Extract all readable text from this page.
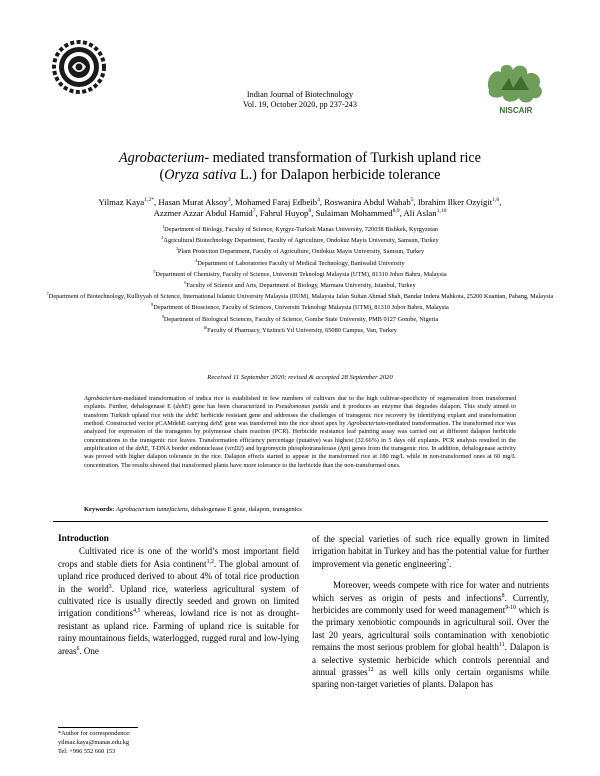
NISCAIR
Indian Journal of Biotechnology
Vol. 19, October 2020, pp 237-243
Agrobacterium- mediated transformation of Turkish upland rice
(Oryza sativa L.) for Dalapon herbicide tolerance
Yilmaz Kaya$^{1,2*}$, Hasan Murat Aksoy$^3$, Mohamed Faraj Edbeib$^4$, Roswanira Abdul Wahab$^5$, Ibrahim Ilker Ozyigit$^{1,6}$,
Azzmer Azzar Abdul Hamid$^7$, Fahrul Huyop$^8$, Sulaiman Mohammed$^{8,9}$, Ali Aslan$^{1,10}$
$^1$Department of Biology, Faculty of Science, Kyrgyz-Turkish Manas University, 720038 Bishkek, Kyrgyzstan
$^2$Agricultural Biotechnology Department, Faculty of Agriculture, Ondokuz Mayis University, Samsun, Turkey
$^3$Plant Protection Department, Faculty of Agriculture, Ondokuz Mayis University, Samsun, Turkey
$^4$Department of Laboratories Faculty of Medical Technology, Baniwalid University
$^5$Department of Chemistry, Faculty of Science, Universiti Teknologi Malaysia (UTM), 81310 Johor Bahru, Malaysia
$^6$Faculty of Science and Arts, Department of Biology, Marmara University, Istanbul, Turkey
$^7$Department of Biotechnology, Kulliyyah of Science, International Islamic University Malaysia (IIUM), Malaysia Jalan Sultan Ahmad Shah, Bandar Indera Mahkota, 25200 Kuantan, Pahang, Malaysia
$^8$Department of Bioscience, Faculty of Sciences, Universiti Teknologi Malaysia (UTM), 81310 Johor Bahru, Malaysia
$^9$Department of Biological Sciences, Faculty of Science, Gombe State University, PMB 0127 Gombe, Nigeria
$^{10}$Faculty of Pharmacy, Yüzüncü Yıl University, 65080 Campus, Van, Turkey
Received 11 September 2020; revised & accepted 28 September 2020
Agrobacterium-mediated transformation of indica rice is established in few numbers of cultivars due to the high cultivar-specificity of regeneration from transformed explants. Further, dehalogenase E (dehE) gene has been characterized in Pseudomonas putida and it produces an enzyme that degrades dalapon. This study aimed to transform Turkish upland rice with the dehE herbicide resistant gene and addresses the challenges of transgenic rice recovery by identifying explant and transformation method. Constructed vector pCAMdehE carrying dehE gene was transferred into the rice shoot apex by Agrobacterium-mediated transformation. The transformed rice was analyzed for expression of the transgenes by polymerase chain reaction (PCR). Herbicide resistance leaf painting assay was carried out at different dalapon herbicide concentrations to the transgenic rice leaves. Transformation efficiency percentage (putative) was highest (32.66%) in 5 days old explants. PCR analysis resulted in the amplification of the dehE, T-DNA border endonuclease (virD2) and hygromycin phosphotransferase (hpt) genes from the transgenic rice. In addition, dehalogenase activity was proved with higher dalapon tolerance in the rice. Dalapon effects started to appear in the transformed rice at 180 mg/L while in non-transformed ones at 60 mg/L concentration. The results showed that transformed plants have more tolerance to the herbicide than the non-transformed ones.
Keywords: Agrobacterium tumefaciens, dehalogenase E gene, dalapon, transgenics
Introduction
Cultivated rice is one of the world’s most important field crops and stable diets for Asia continent$^{1,2}$. The global amount of upland rice produced derived to about 4% of total rice production in the world$^3$. Upland rice, waterless agricultural system of cultivated rice is usually directly seeded and grown on limited irrigation conditions$^{4,5}$ whereas, lowland rice is not as drought-resistant as upland rice. Farming of upland rice is suitable for rainy mountainous fields, waterlogged, rugged rural and low-lying areas$^6$. One
of the special varieties of such rice equally grown in limited irrigation habitat in Turkey and has the potential value for further improvement via genetic engineering$^7$.
Moreover, weeds compete with rice for water and nutrients which serves as origin of pests and infections$^8$. Currently, herbicides are commonly used for weed management$^{9-10}$ which is the primary xenobiotic compounds in agricultural soil. Over the last 20 years, agricultural soils contamination with xenobiotic remains the most serious problem for global health$^{11}$. Dalapon is a selective systemic herbicide which controls perennial and annual grasses$^{12}$ as well kills only certain organisms while sparing non-target varieties of plants. Dalapon has
*Author for correspondence:
yilmaz.kaya@manas.edu.kg
Tel: +996 552 660 153
